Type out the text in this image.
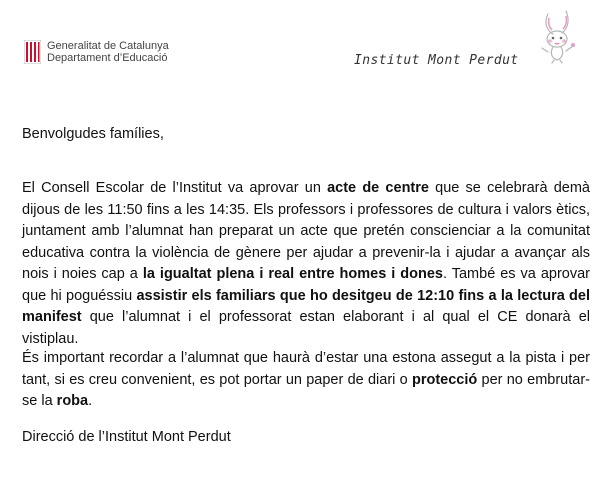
Generalitat de Catalunya
Departament d’Educació	Institut Mont Perdut
Benvolgudes famílies,
El Consell Escolar de l’Institut va aprovar un acte de centre que se celebrarà demà dijous de les 11:50 fins a les 14:35. Els professors i professores de cultura i valors ètics, juntament amb l’alumnat han preparat un acte que pretén conscienciar a la comunitat educativa contra la violència de gènere per ajudar a prevenir-la i ajudar a avançar als nois i noies cap a la igualtat plena i real entre homes i dones. També es va aprovar que hi poguéssiu assistir els familiars que ho desitgeu de 12:10 fins a la lectura del manifest que l’alumnat i el professorat estan elaborant i al qual el CE donarà el vistiplau.
És important recordar a l’alumnat que haurà d’estar una estona assegut a la pista i per tant, si es creu convenient, es pot portar un paper de diari o protecció per no embrutar-se la roba.
Direcció de l’Institut Mont Perdut
